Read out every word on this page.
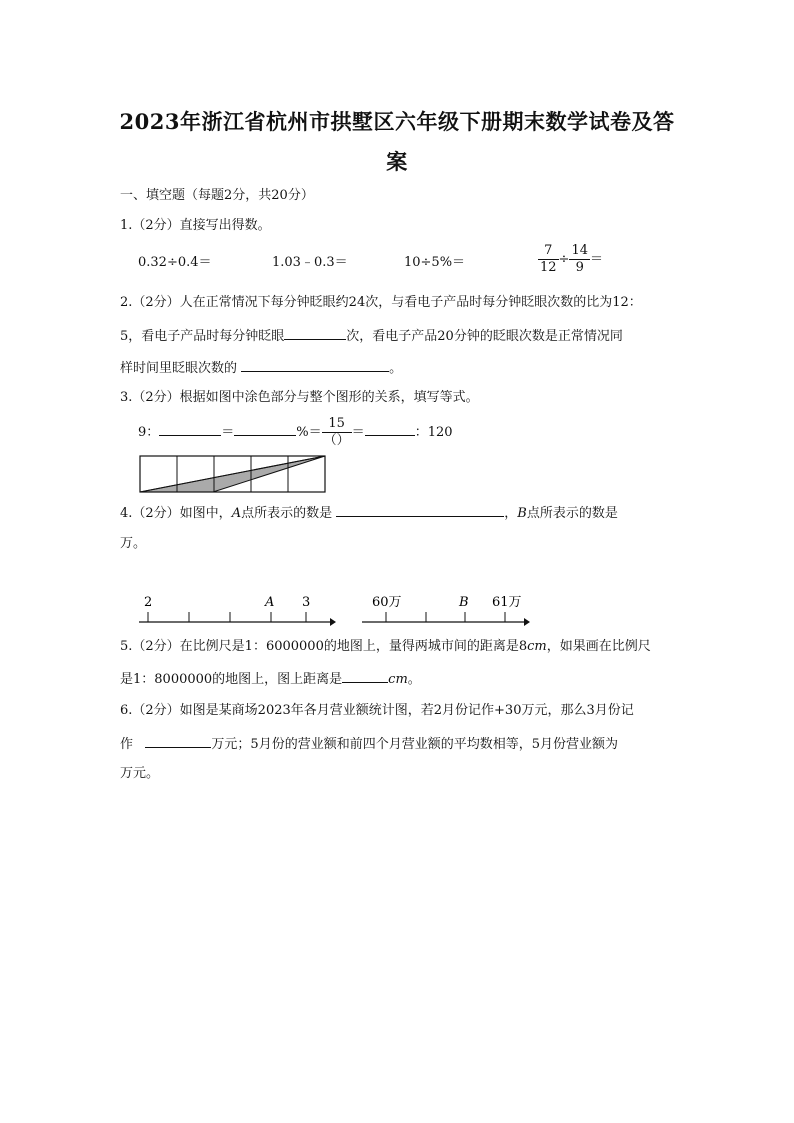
2023年浙江省杭州市拱墅区六年级下册期末数学试卷及答
案
一、填空题（每题2分，共20分）
1.（2分）直接写出得数。
0.32÷0.4＝	1.03﹣0.3＝	10÷5%＝	$\frac{7}{12} \div \frac{14}{9}$ ＝
2.（2分）人在正常情况下每分钟眨眼约24次，与看电子产品时每分钟眨眼次数的比为12：
5，看电子产品时每分钟眨眼	次，看电子产品20分钟的眨眼次数是正常情况同
样时间里眨眼次数的	。
3.（2分）根据如图中涂色部分与整个图形的关系，填写等式。
9：	＝	%＝ $\frac{15}{()}$ ＝	：120
4.（2分）如图中，A点所表示的数是	，B点所表示的数是
万。
2	A 3	60万	B 61万
5.（2分）在比例尺是1：6000000的地图上，量得两城市间的距离是8cm，如果画在比例尺
是1：8000000的地图上，图上距离是	cm。
6.（2分）如图是某商场2023年各月营业额统计图，若2月份记作+30万元，那么3月份记
作	万元；5月份的营业额和前四个月营业额的平均数相等，5月份营业额为
万元。
